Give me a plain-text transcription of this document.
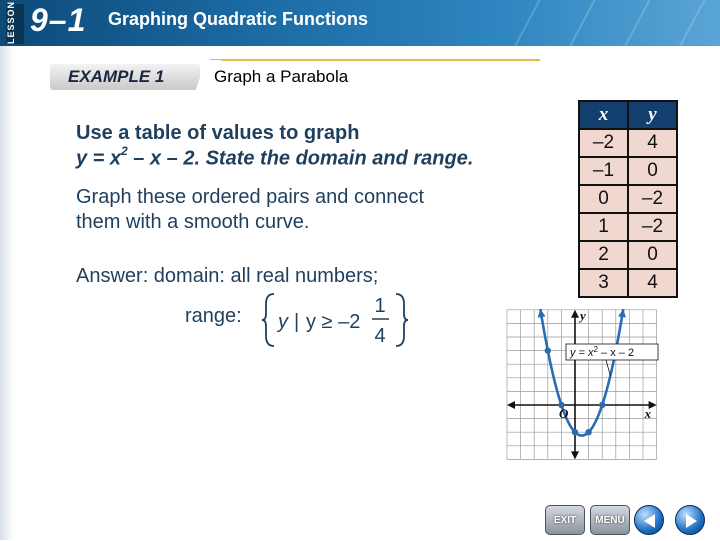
LESSON 9–1 Graphing Quadratic Functions
EXAMPLE 1	Graph a Parabola
Use a table of values to graph
$y = x^2 - x - 2$. State the domain and range.
Graph these ordered pairs and connect
them with a smooth curve.
Answer: domain: all real numbers;
range: y | y ≥ –2
1
4
x	y
–2	4
–1	0
0	–2
1	–2
2	0
3	4
y
x
O
$y = x^2 - x - 2$
EXIT	MENU
